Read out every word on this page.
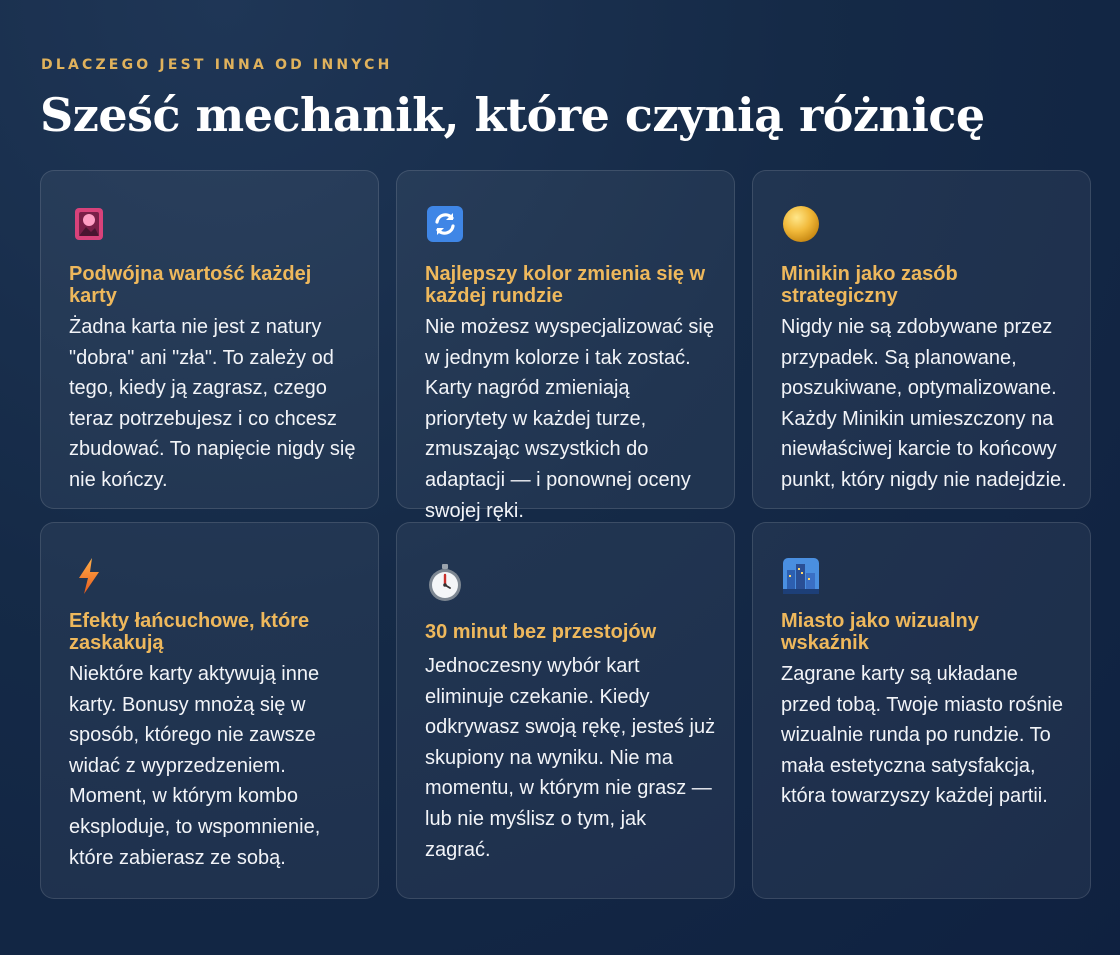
DLACZEGO JEST INNA OD INNYCH
Sześć mechanik, które czynią różnicę
Podwójna wartość każdej karty
Żadna karta nie jest z natury "dobra" ani "zła". To zależy od tego, kiedy ją zagrasz, czego teraz potrzebujesz i co chcesz zbudować. To napięcie nigdy się nie kończy.
Najlepszy kolor zmienia się w każdej rundzie
Nie możesz wyspecjalizować się w jednym kolorze i tak zostać. Karty nagród zmieniają priorytety w każdej turze, zmuszając wszystkich do adaptacji — i ponownej oceny swojej ręki.
Minikin jako zasób strategiczny
Nigdy nie są zdobywane przez przypadek. Są planowane, poszukiwane, optymalizowane. Każdy Minikin umieszczony na niewłaściwej karcie to końcowy punkt, który nigdy nie nadejdzie.
Efekty łańcuchowe, które zaskakują
Niektóre karty aktywują inne karty. Bonusy mnożą się w sposób, którego nie zawsze widać z wyprzedzeniem. Moment, w którym kombo eksploduje, to wspomnienie, które zabierasz ze sobą.
30 minut bez przestojów
Jednoczesny wybór kart eliminuje czekanie. Kiedy odkrywasz swoją rękę, jesteś już skupiony na wyniku. Nie ma momentu, w którym nie grasz — lub nie myślisz o tym, jak zagrać.
Miasto jako wizualny wskaźnik
Zagrane karty są układane przed tobą. Twoje miasto rośnie wizualnie runda po rundzie. To mała estetyczna satysfakcja, która towarzyszy każdej partii.
